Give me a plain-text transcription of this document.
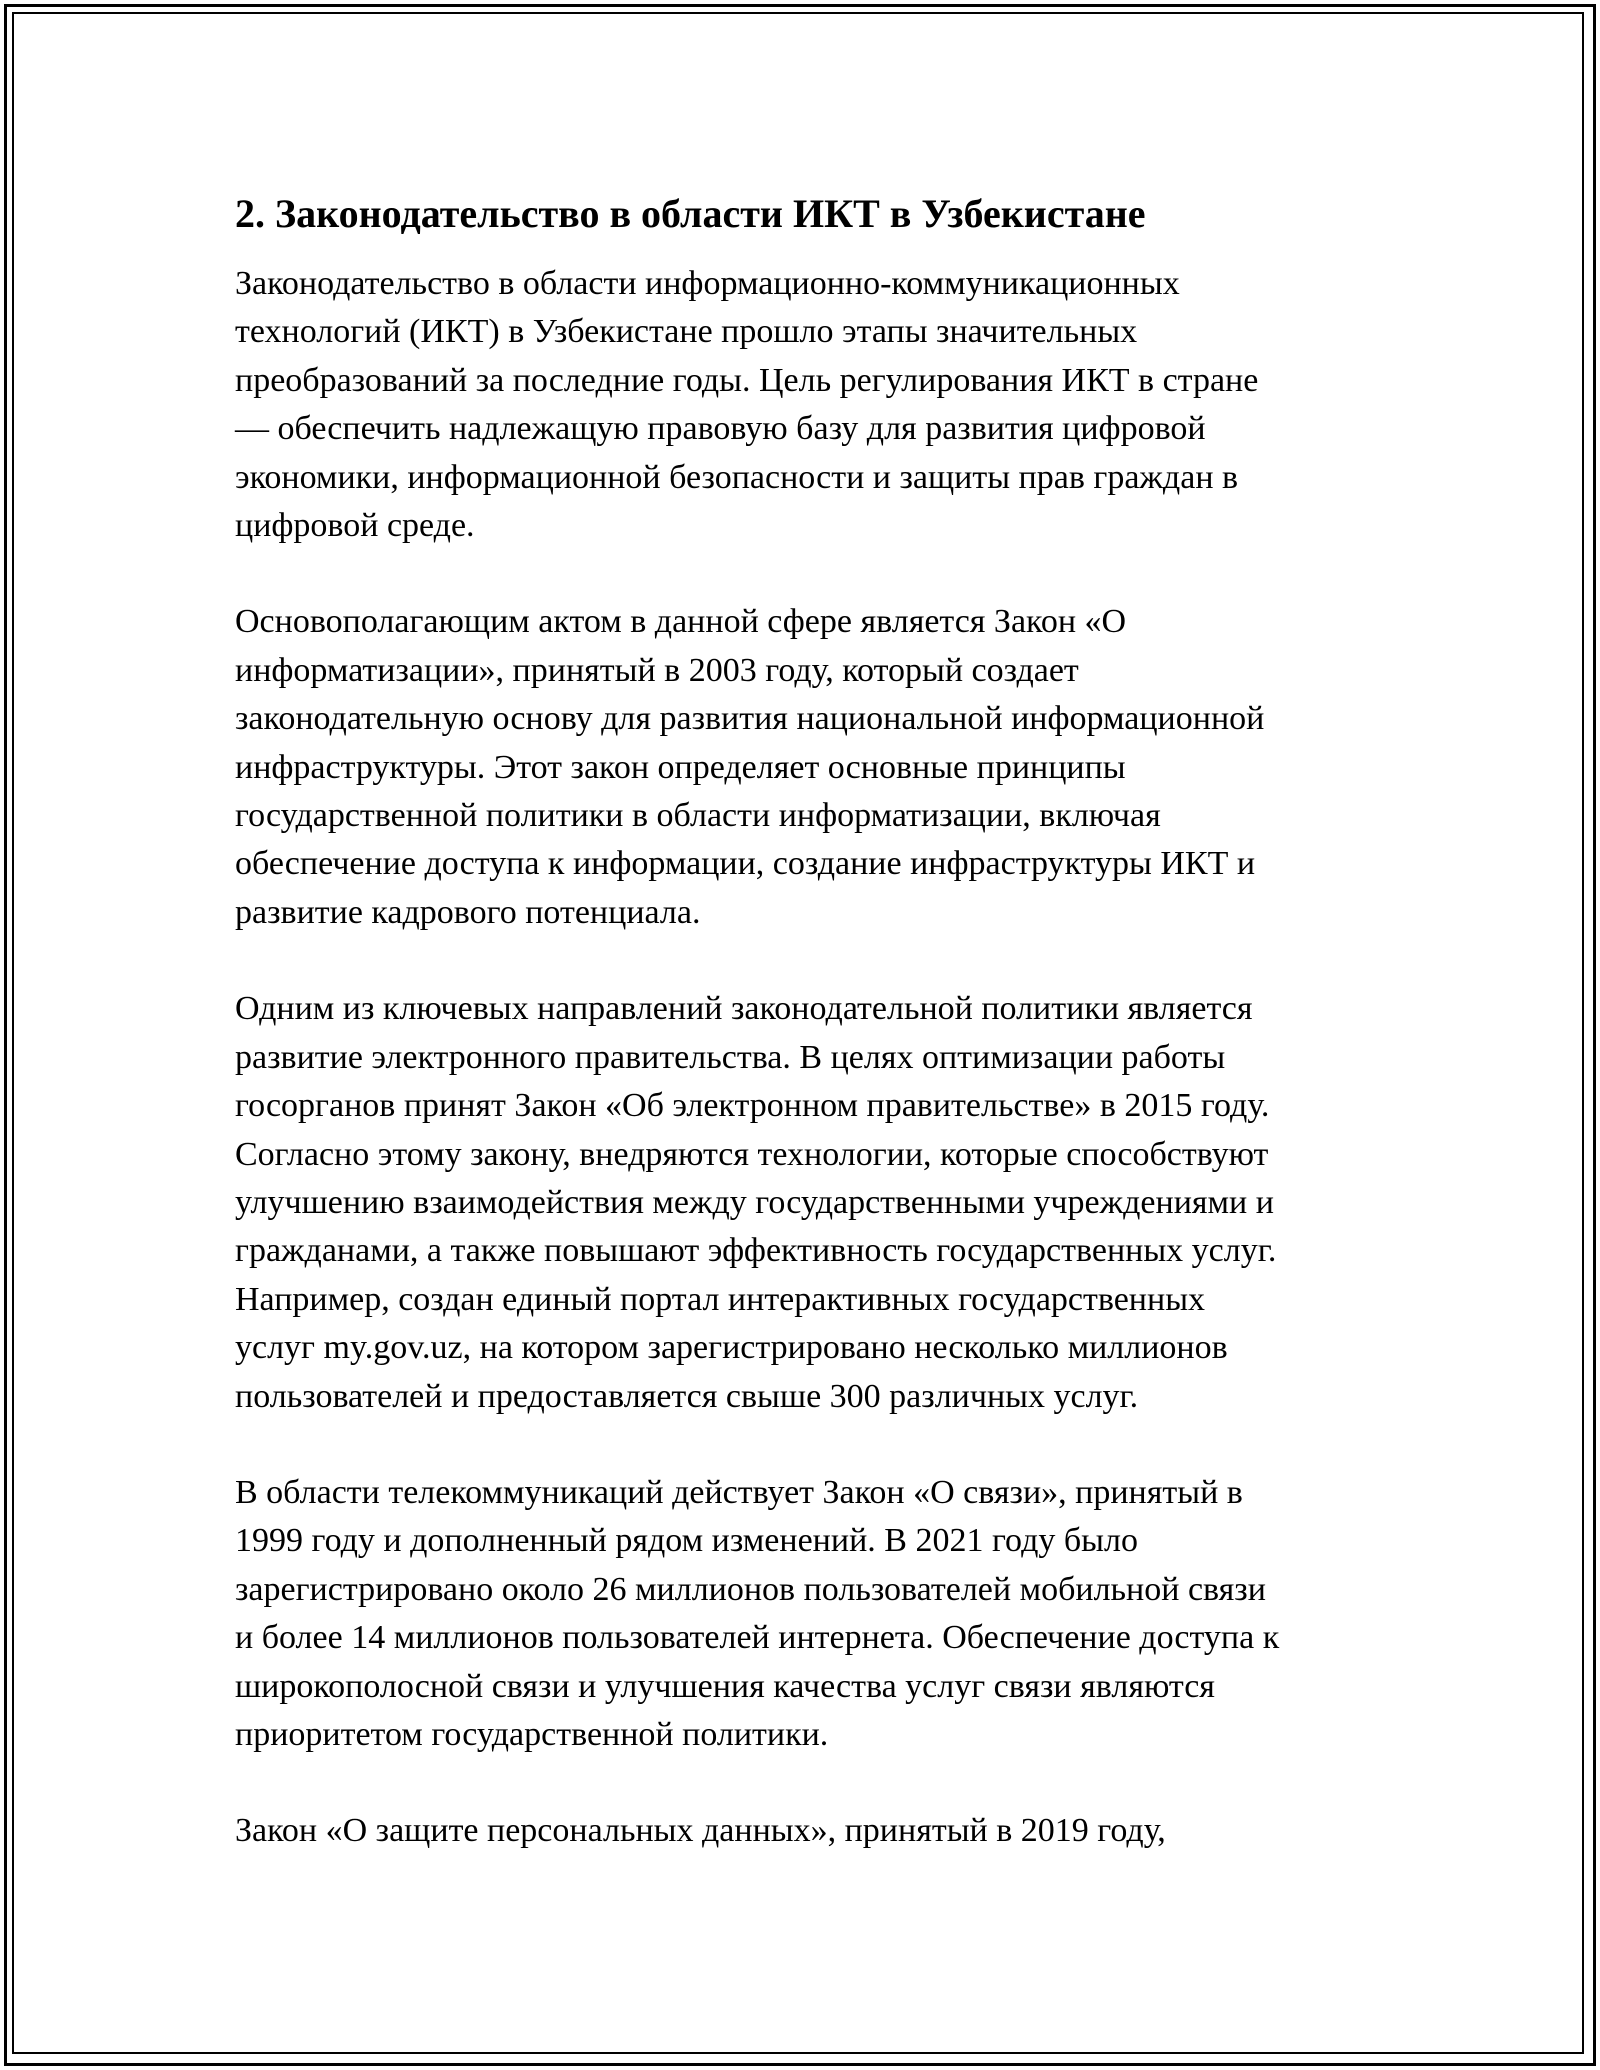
2. Законодательство в области ИКТ в Узбекистане
Законодательство в области информационно-коммуникационных
технологий (ИКТ) в Узбекистане прошло этапы значительных
преобразований за последние годы. Цель регулирования ИКТ в стране
— обеспечить надлежащую правовую базу для развития цифровой
экономики, информационной безопасности и защиты прав граждан в
цифровой среде.
Основополагающим актом в данной сфере является Закон «О
информатизации», принятый в 2003 году, который создает
законодательную основу для развития национальной информационной
инфраструктуры. Этот закон определяет основные принципы
государственной политики в области информатизации, включая
обеспечение доступа к информации, создание инфраструктуры ИКТ и
развитие кадрового потенциала.
Одним из ключевых направлений законодательной политики является
развитие электронного правительства. В целях оптимизации работы
госорганов принят Закон «Об электронном правительстве» в 2015 году.
Согласно этому закону, внедряются технологии, которые способствуют
улучшению взаимодействия между государственными учреждениями и
гражданами, а также повышают эффективность государственных услуг.
Например, создан единый портал интерактивных государственных
услуг my.gov.uz, на котором зарегистрировано несколько миллионов
пользователей и предоставляется свыше 300 различных услуг.
В области телекоммуникаций действует Закон «О связи», принятый в
1999 году и дополненный рядом изменений. В 2021 году было
зарегистрировано около 26 миллионов пользователей мобильной связи
и более 14 миллионов пользователей интернета. Обеспечение доступа к
широкополосной связи и улучшения качества услуг связи являются
приоритетом государственной политики.
Закон «О защите персональных данных», принятый в 2019 году,
